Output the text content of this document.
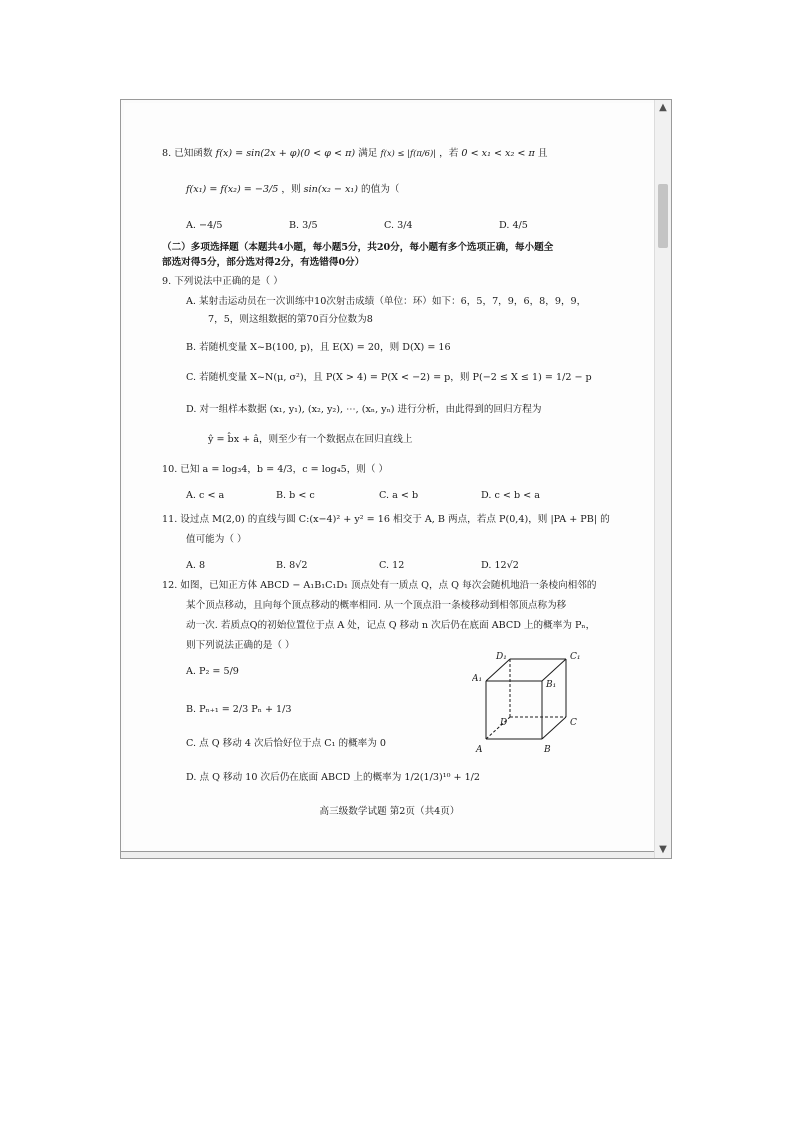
8. 已知函数 f(x) = sin(2x + φ)(0 < φ < π) 满足 f(x) ≤ |f(π/6)| ，若 0 < x₁ < x₂ < π 且
f(x₁) = f(x₂) = −3/5 ，则 sin(x₂ − x₁) 的值为（
A. −4/5	B. 3/5	C. 3/4	D. 4/5
（二）多项选择题（本题共4小题，每小题5分，共20分，每小题有多个选项正确，每小题全
部选对得5分，部分选对得2分，有选错得0分）
9. 下列说法中正确的是（ ）
A. 某射击运动员在一次训练中10次射击成绩（单位：环）如下：6，5，7，9，6，8，9，9，
7，5，则这组数据的第70百分位数为8
B. 若随机变量 X~B(100, p)，且 E(X) = 20，则 D(X) = 16
C. 若随机变量 X~N(μ, σ²)，且 P(X > 4) = P(X < −2) = p，则 P(−2 ≤ X ≤ 1) = 1/2 − p
D. 对一组样本数据 (x₁, y₁), (x₂, y₂), ⋯, (xₙ, yₙ) 进行分析，由此得到的回归方程为
ŷ = b̂x + â，则至少有一个数据点在回归直线上
10. 已知 a = log₃4，b = 4/3，c = log₄5，则（ ）
A. c < a	B. b < c	C. a < b	D. c < b < a
11. 设过点 M(2,0) 的直线与圆 C:(x−4)² + y² = 16 相交于 A, B 两点，若点 P(0,4)，则 |PA + PB| 的
值可能为（ ）
A. 8	B. 8√2	C. 12	D. 12√2
12. 如图，已知正方体 ABCD − A₁B₁C₁D₁ 顶点处有一质点 Q，点 Q 每次会随机地沿一条棱向相邻的
某个顶点移动，且向每个顶点移动的概率相同. 从一个顶点沿一条棱移动到相邻顶点称为移
动一次. 若质点Q的初始位置位于点 A 处，记点 Q 移动 n 次后仍在底面 ABCD 上的概率为 Pₙ，
则下列说法正确的是（ ）
A. P₂ = 5/9
B. Pₙ₊₁ = 2/3 Pₙ + 1/3
C. 点 Q 移动 4 次后恰好位于点 C₁ 的概率为 0
D. 点 Q 移动 10 次后仍在底面 ABCD 上的概率为 1/2(1/3)¹⁰ + 1/2
A	B
C
D
A₁
B₁
C₁
D₁
高三级数学试题 第2页（共4页）
▲
▼
